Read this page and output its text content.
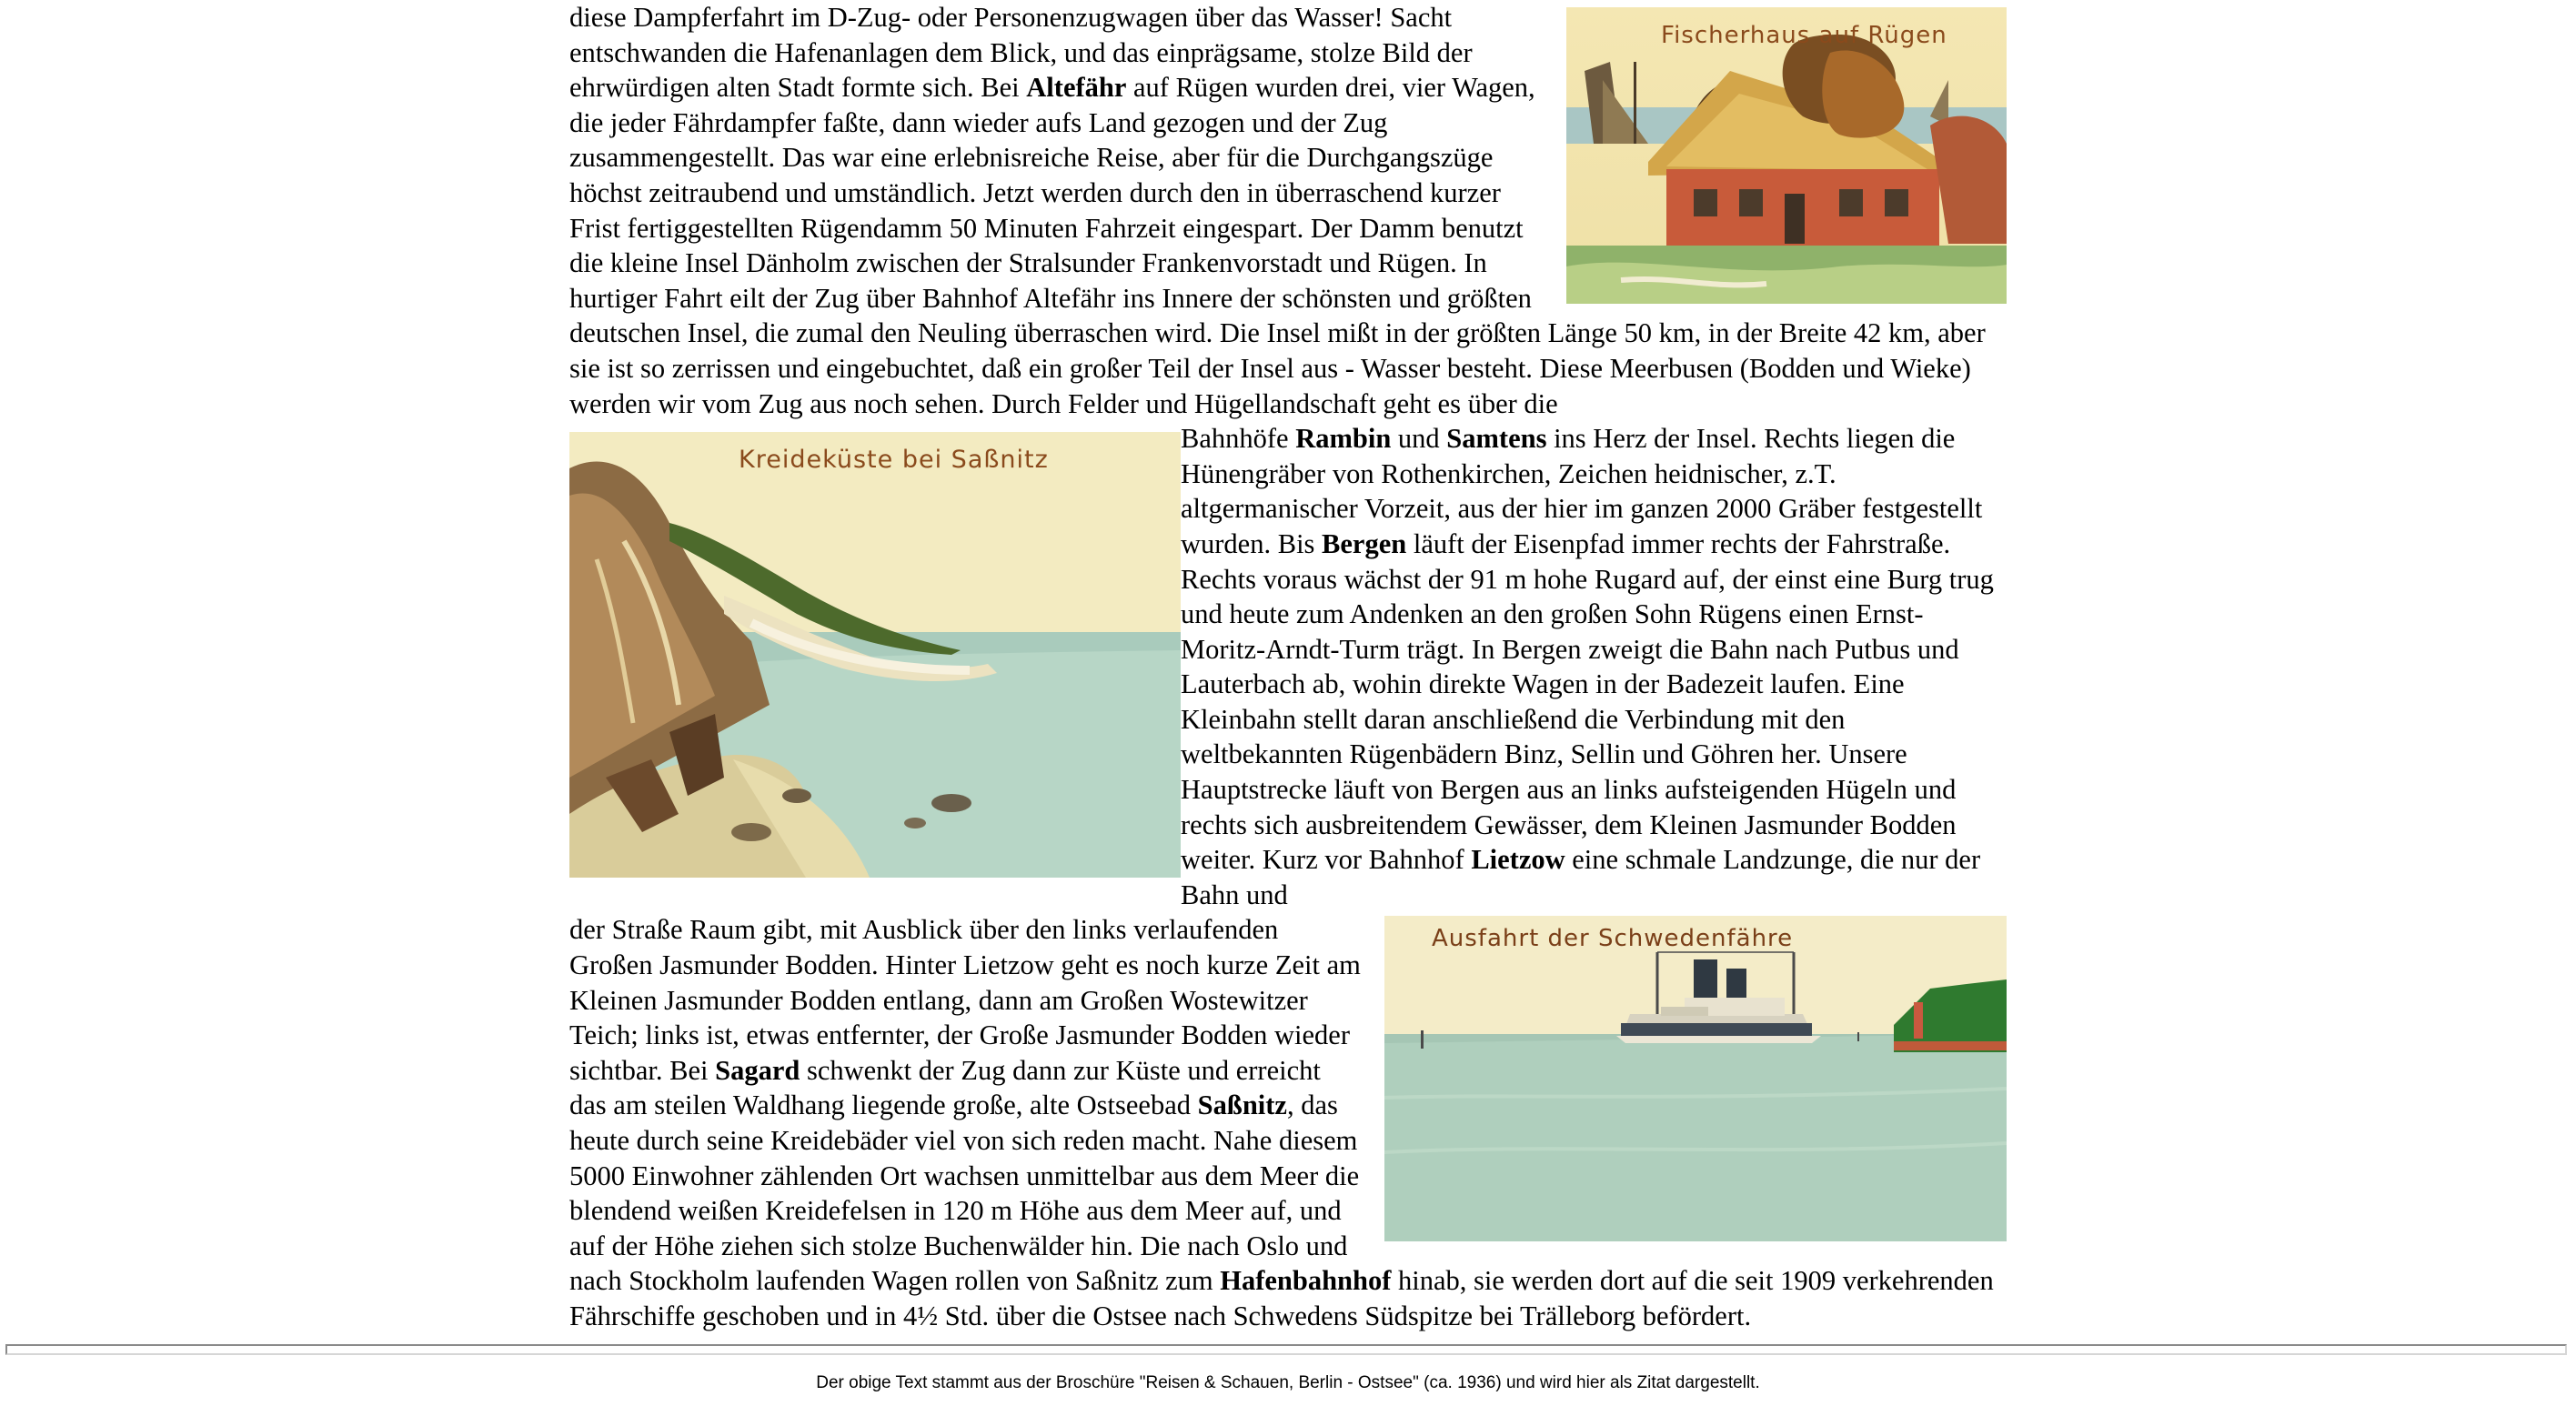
Fischerhaus auf Rügen

diese Dampferfahrt im D-Zug- oder Personenzugwagen über das Wasser! Sacht entschwanden die Hafenanlagen dem Blick, und das einprägsame, stolze Bild der ehrwürdigen alten Stadt formte sich. Bei Altefähr auf Rügen wurden drei, vier Wagen, die jeder Fährdampfer faßte, dann wieder aufs Land gezogen und der Zug zusammengestellt. Das war eine erlebnisreiche Reise, aber für die Durchgangszüge höchst zeitraubend und umständlich. Jetzt werden durch den in überraschend kurzer Frist fertiggestellten Rügendamm 50 Minuten Fahrzeit eingespart. Der Damm benutzt die kleine Insel Dänholm zwischen der Stralsunder Frankenvorstadt und Rügen. In hurtiger Fahrt eilt der Zug über Bahnhof Altefähr ins Innere der schönsten und größten deutschen Insel, die zumal den Neuling überraschen wird. Die Insel mißt in der größten Länge 50 km, in der Breite 42 km, aber sie ist so zerrissen und eingebuchtet, daß ein großer Teil der Insel aus - Wasser besteht. Diese Meerbusen (Bodden und Wieke) werden wir vom Zug aus noch sehen. Durch Felder und Hügellandschaft geht es über die

Kreideküste bei Saßnitz

Bahnhöfe Rambin und Samtens ins Herz der Insel. Rechts liegen die Hünengräber von Rothenkirchen, Zeichen heidnischer, z.T. altgermanischer Vorzeit, aus der hier im ganzen 2000 Gräber festgestellt wurden. Bis Bergen läuft der Eisenpfad immer rechts der Fahrstraße. Rechts voraus wächst der 91 m hohe Rugard auf, der einst eine Burg trug und heute zum Andenken an den großen Sohn Rügens einen Ernst-Moritz-Arndt-Turm trägt. In Bergen zweigt die Bahn nach Putbus und Lauterbach ab, wohin direkte Wagen in der Badezeit laufen. Eine Kleinbahn stellt daran anschließend die Verbindung mit den weltbekannten Rügenbädern Binz, Sellin und Göhren her. Unsere Hauptstrecke läuft von Bergen aus an links aufsteigenden Hügeln und rechts sich ausbreitendem Gewässer, dem Kleinen Jasmunder Bodden weiter. Kurz vor Bahnhof Lietzow eine schmale Landzunge, die nur der Bahn und

Ausfahrt der Schwedenfähre

der Straße Raum gibt, mit Ausblick über den links verlaufenden Großen Jasmunder Bodden. Hinter Lietzow geht es noch kurze Zeit am Kleinen Jasmunder Bodden entlang, dann am Großen Wostewitzer Teich; links ist, etwas entfernter, der Große Jasmunder Bodden wieder sichtbar. Bei Sagard schwenkt der Zug dann zur Küste und erreicht das am steilen Waldhang liegende große, alte Ostseebad Saßnitz, das heute durch seine Kreidebäder viel von sich reden macht. Nahe diesem 5000 Einwohner zählenden Ort wachsen unmittelbar aus dem Meer die blendend weißen Kreidefelsen in 120 m Höhe aus dem Meer auf, und auf der Höhe ziehen sich stolze Buchenwälder hin. Die nach Oslo und nach Stockholm laufenden Wagen rollen von Saßnitz zum Hafenbahnhof hinab, sie werden dort auf die seit 1909 verkehrenden Fährschiffe geschoben und in 4½ Std. über die Ostsee nach Schwedens Südspitze bei Trälleborg befördert.

Der obige Text stammt aus der Broschüre "Reisen & Schauen, Berlin - Ostsee" (ca. 1936) und wird hier als Zitat dargestellt.
